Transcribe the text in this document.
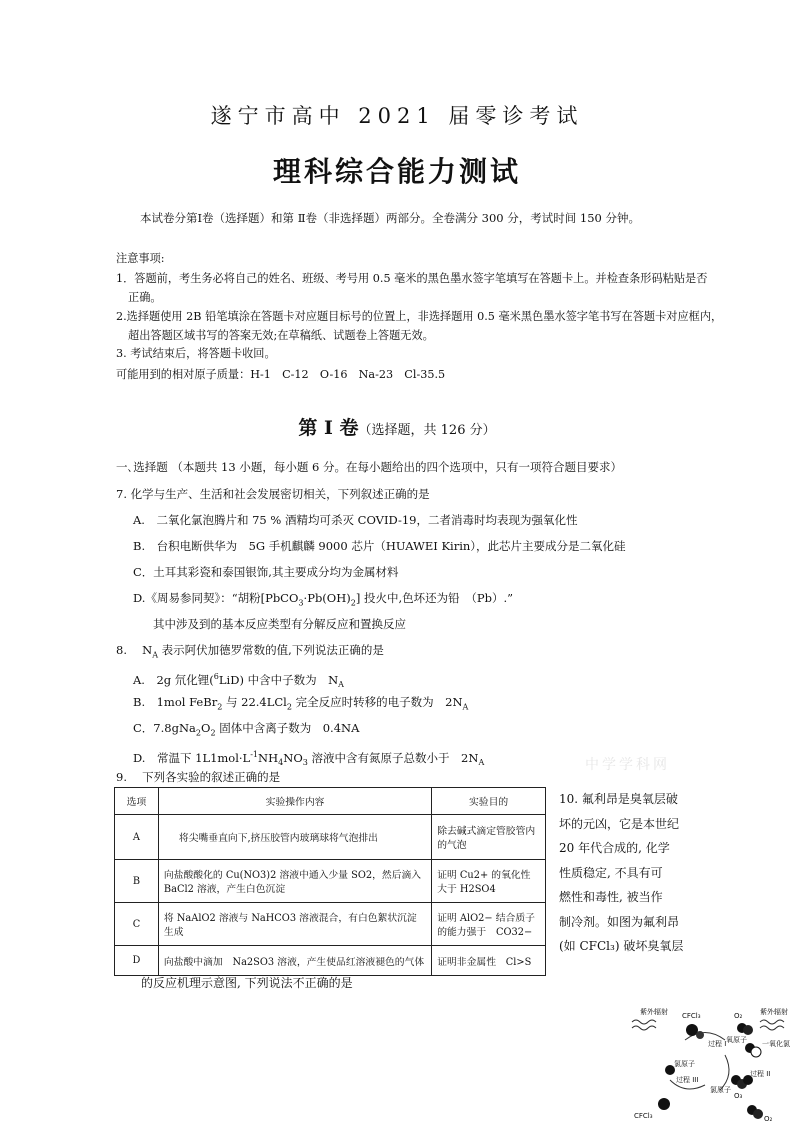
遂宁市高中 2021 届零诊考试
理科综合能力测试
本试卷分第Ⅰ卷（选择题）和第 Ⅱ卷（非选择题）两部分。全卷满分 300 分，考试时间 150 分钟。
注意事项:
1．答题前，考生务必将自己的姓名、班级、考号用 0.5 毫米的黑色墨水签字笔填写在答题卡上。并检查条形码粘贴是否
正确。
2.选择题使用 2B 铅笔填涂在答题卡对应题目标号的位置上，非选择题用 0.5 毫米黑色墨水签字笔书写在答题卡对应框内，
超出答题区域书写的答案无效;在草稿纸、试题卷上答题无效。
3. 考试结束后，将答题卡收回。
可能用到的相对原子质量：H-1　C-12　O-16　Na-23　Cl-35.5
第 I 卷（选择题，共 126 分）
一､选择题 （本题共 13 小题，每小题 6 分。在每小题给出的四个选项中，只有一项符合题目要求）
7. 化学与生产、生活和社会发展密切相关，下列叙述正确的是
A.　二氧化氯泡腾片和 75 % 酒精均可杀灭 COVID-19，二者消毒时均表现为强氧化性
B.　台积电断供华为　5G 手机麒麟 9000 芯片（HUAWEI Kirin），此芯片主要成分是二氧化硅
C．土耳其彩瓷和泰国银饰,其主要成分均为金属材料
D.《周易参同契》：“胡粉$[PbCO_3\cdot Pb(OH)_2]$ 投火中,色坏还为铅　（Pb）.”
其中涉及到的基本反应类型有分解反应和置换反应
8.　 $N_A$ 表示阿伏加德罗常数的值,下列说法正确的是
A.　2g 氘化锂($^6$LiD) 中含中子数为　$N_A$
B.　1mol FeBr$_2$ 与 22.4LCl$_2$ 完全反应时转移的电子数为　$2N_A$
C．$7.8gNa_2O_2$ 固体中含离子数为　0.4NA
D.　常温下 $1L1mol\cdot L^{-1}NH_4NO_3$ 溶液中含有氮原子总数小于　$2N_A$	中学学科网
9.　 下列各实验的叙述正确的是
选项	实验操作内容	实验目的
A	将尖嘴垂直向下,挤压胶管内玻璃球将气泡排出	除去碱式滴定管胶管内的气泡
B	向盐酸酸化的 Cu(NO3)2 溶液中通入少量 SO2，然后滴入 BaCl2 溶液，产生白色沉淀	证明 Cu2+ 的氧化性大于 H2SO4
C	将 NaAlO2 溶液与 NaHCO3 溶液混合，有白色絮状沉淀生成	证明 AlO2− 结合质子的能力强于　CO32−
D	向盐酸中滴加　Na2SO3 溶液，产生使品红溶液褪色的气体	证明非金属性　Cl>S
10. 氟利昂是臭氧层破
坏的元凶，它是本世纪
20 年代合成的, 化学
性质稳定, 不具有可
燃性和毒性, 被当作
制冷剂。如图为氟利昂
(如 CFCl₃) 破坏臭氧层
的反应机理示意图, 下列说法不正确的是
紫外辐射	紫外辐射
CFCl₃	O₂
过程 I 氧原子 一氧化氯
氯原子
过程 III
氯原子
过程 II
O₃
CFCl₃	O₂
